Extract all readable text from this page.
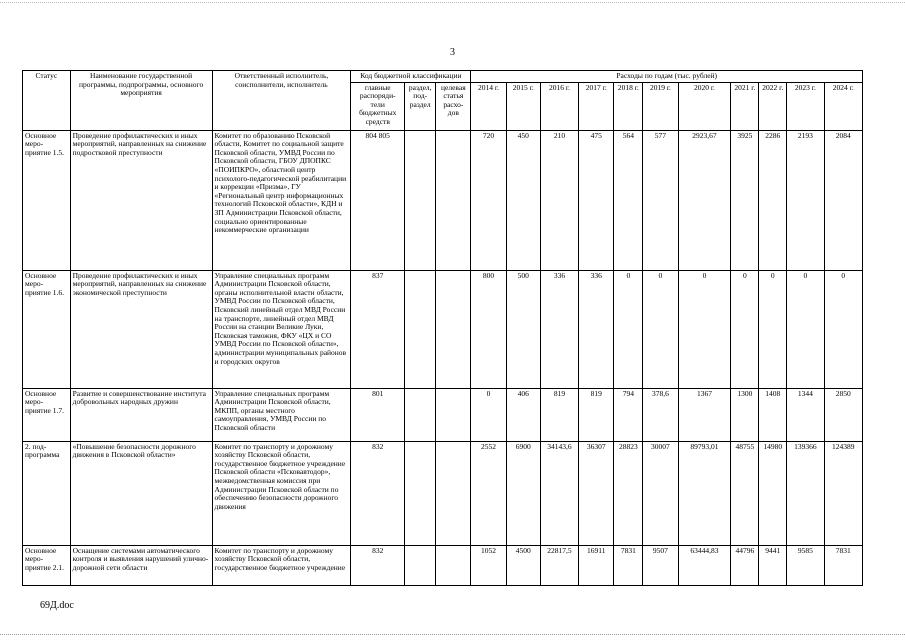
3
Статус	Наименование государственной программы, подпрограммы, основного мероприятия	Ответственный исполнитель, соисполнители, исполнитель	Код бюджетной классификации			Расходы по годам (тыс. рублей)										
			главные распоряди-тели бюджетных средств	раздел, под-раздел	целевая статья расхо-дов	2014 г.	2015 г.	2016 г.	2017 г.	2018 г.	2019 г.	2020 г.	2021 г.	2022 г.	2023 г.	2024 г.
Основное меро-приятие 1.5.	Проведение профилактических и иных мероприятий, направленных на снижение подростковой преступности	Комитет по образованию Псковской области, Комитет по социальной защите Псковской области, УМВД России по Псковской области, ГБОУ ДПОПКС «ПОИПКРО», областной центр психолого-педагогической реабилитации и коррекции «Призма», ГУ «Региональный центр информационных технологий Псковской области», КДН и ЗП Администрации Псковской области, социально ориентированные некоммерческие организации	804 805			720	450	210	475	564	577	2923,67	3925	2286	2193	2084
Основное меро-приятие 1.6.	Проведение профилактических и иных мероприятий, направленных на снижение экономической преступности	Управление специальных программ Администрации Псковской области, органы исполнительной власти области, УМВД России по Псковской области, Псковский линейный отдел МВД России на транспорте, линейный отдел МВД России на станции Великие Луки, Псковская таможня, ФКУ «ЦХ и СО УМВД России по Псковской области», администрации муниципальных районов и городских округов	837			800	500	336	336	0	0	0	0	0	0	0
Основное меро-приятие 1.7.	Развитие и совершенствование института добровольных народных дружин	Управление специальных программ Администрации Псковской области, МКПП, органы местного самоуправления, УМВД России по Псковской области	801			0	406	819	819	794	378,6	1367	1300	1408	1344	2850
2. под-программа	«Повышение безопасности дорожного движения в Псковской области»	Комитет по транспорту и дорожному хозяйству Псковской области, государственное бюджетное учреждение Псковской области «Псковавтодор», межведомственная комиссия при Администрации Псковской области по обеспечению безопасности дорожного движения	832			2552	6900	34143,6	36307	28823	30007	89793,01	48755	14980	139366	124389
Основное меро-приятие 2.1.	Оснащение системами автоматического контроля и выявления нарушений улично-дорожной сети области	Комитет по транспорту и дорожному хозяйству Псковской области, государственное бюджетное учреждение	832			1052	4500	22817,5	16911	7831	9507	63444,83	44796	9441	9585	7831
69Д.doc
